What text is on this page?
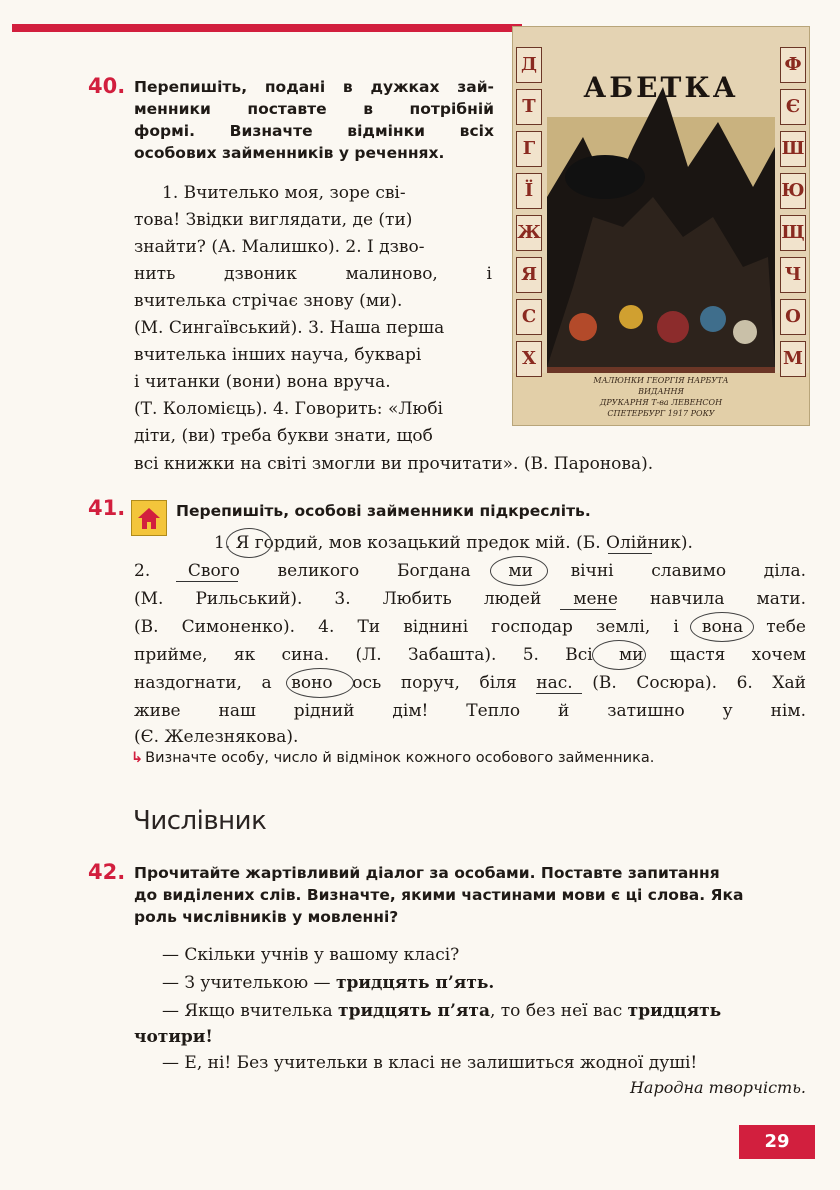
40. Перепишіть, подані в дужках зай-
менники поставте в потрібній
формі. Визначте відмінки всіх
особових займенників у реченнях.
1. Вчителько моя, зоре сві-
това! Звідки виглядати, де (ти)
знайти? (А. Малишко). 2. І дзво-
нить дзвоник малиново, і
вчителька стрічає знову (ми).
(М. Сингаївський). 3. Наша перша
вчителька інших научa, букварі
і читанки (вони) вона вруча.
(Т. Коломієць). 4. Говорить: «Любі
діти, (ви) треба букви знати, щоб
всі книжки на світі змогли ви прочитати». (В. Паронова).
АБЕТКА
Д
Т
Г
Ї
Ж
Я
С
Х
Ф
Є
Ш
Ю
Щ
Ч
О
М
МАЛЮНКИ ГЕОРГІЯ НАРБУТА
ВИДАННЯ
ДРУКАРНЯ Т-ва ЛЕВЕНСОН
СПЕТЕРБУРГ 1917 РОКУ
41.	Перепишіть, особові займенники підкресліть.
1. Я гордий, мов козацький предок мій. (Б. Олійник).
2. Свого великого Богдана ми вічні славимо діла.
(М. Рильський). 3. Любить людей мене навчила мати.
(В. Симоненко). 4. Ти віднині господар землі, і вона тебе
прийме, як сина. (Л. Забашта). 5. Всі ми щастя хочем
наздогнати, а воно ось поруч, біля нас. (В. Сосюра). 6. Хай
живе наш рідний дім! Тепло й затишно у нім.
(Є. Железнякова).
↳ Визначте особу, число й відмінок кожного особового займенника.
Числівник
42. Прочитайте жартівливий діалог за особами. Поставте запитання
до виділених слів. Визначте, якими частинами мови є ці слова. Яка
роль числівників у мовленні?
— Скільки учнів у вашому класі?
— З учителькою — тридцять п’ять.
— Якщо вчителька тридцять п’ята, то без неї вас тридцять
чотири!
— Е, ні! Без учительки в класі не залишиться жодної душі!
Народна творчість.
29
